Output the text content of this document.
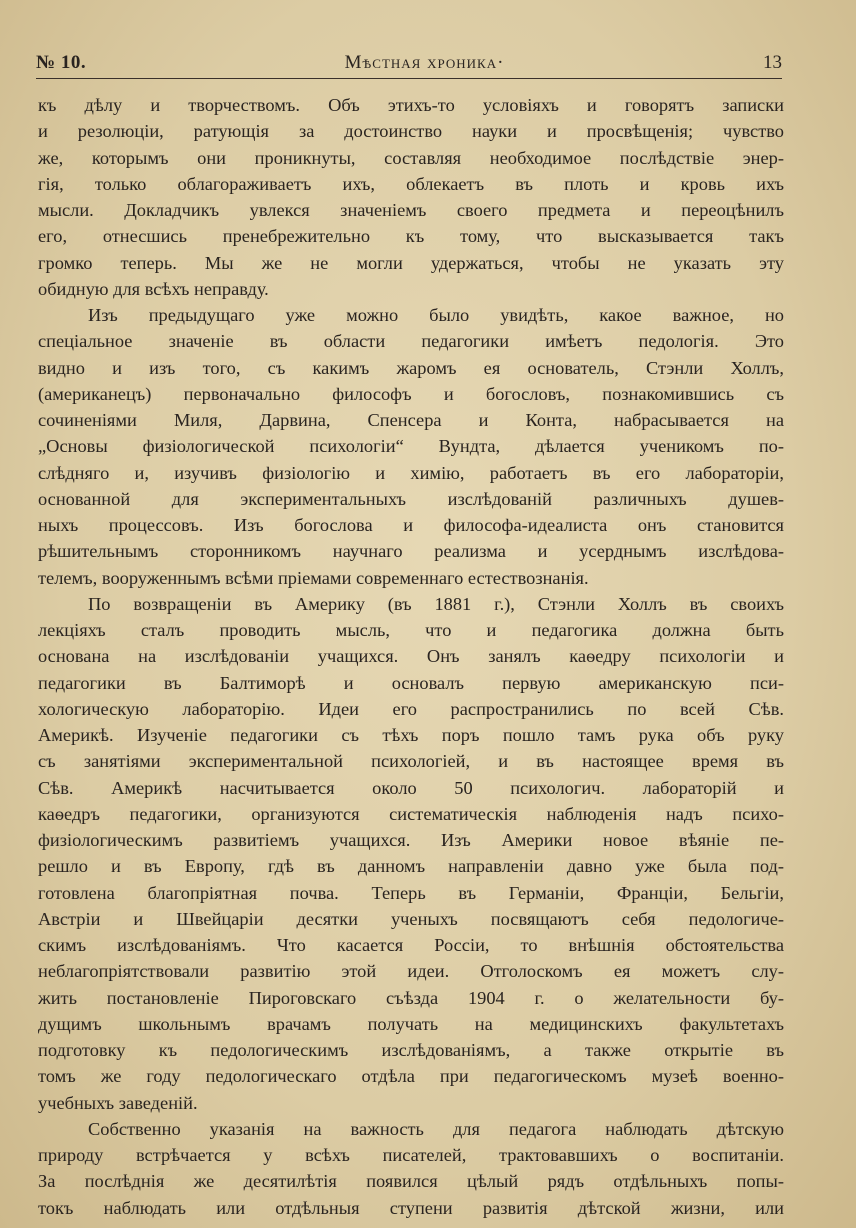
№ 10.	Мѣстная хроника·	13
къ дѣлу и творчествомъ. Объ этихъ-то условiяхъ и говорятъ записки
и резолюцiи, ратующiя за достоинство науки и просвѣщенiя; чувство
же, которымъ они проникнуты, составляя необходимое послѣдствiе энер-
гiя, только облагораживаетъ ихъ, облекаетъ въ плоть и кровь ихъ
мысли. Докладчикъ увлекся значенiемъ своего предмета и переоцѣнилъ
его, отнесшись пренебрежительно къ тому, что высказывается такъ
громко теперь. Мы же не могли удержаться, чтобы не указать эту
обидную для всѣхъ неправду.
Изъ предыдущаго уже можно было увидѣть, какое важное, но
спецiальное значенiе въ области педагогики имѣетъ педологiя. Это
видно и изъ того, съ какимъ жаромъ ея основатель, Стэнли Холлъ,
(американецъ) первоначально философъ и богословъ, познакомившись съ
сочиненiями Миля, Дарвина, Спенсера и Конта, набрасывается на
„Основы физiологической психологiи“ Вундта, дѣлается ученикомъ по-
слѣдняго и, изучивъ физiологiю и химiю, работаетъ въ его лабораторiи,
основанной для экспериментальныхъ изслѣдованiй различныхъ душев-
ныхъ процессовъ. Изъ богослова и философа-идеалиста онъ становится
рѣшительнымъ сторонникомъ научнаго реализма и усерднымъ изслѣдова-
телемъ, вооруженнымъ всѣми прiемами современнаго естествознанiя.
По возвращенiи въ Америку (въ 1881 г.), Стэнли Холлъ въ своихъ
лекцiяхъ сталъ проводить мысль, что и педагогика должна быть
основана на изслѣдованiи учащихся. Онъ занялъ каѳедру психологiи и
педагогики въ Балтиморѣ и основалъ первую американскую пси-
хологическую лабораторiю. Идеи его распространились по всей Сѣв.
Америкѣ. Изученiе педагогики съ тѣхъ поръ пошло тамъ рука объ руку
съ занятiями экспериментальной психологiей, и въ настоящее время въ
Сѣв. Америкѣ насчитывается около 50 психологич. лабораторiй и
каѳедръ педагогики, организуются систематическiя наблюденiя надъ психо-
физiологическимъ развитiемъ учащихся. Изъ Америки новое вѣянiе пе-
решло и въ Европу, гдѣ въ данномъ направленiи давно уже была под-
готовлена благопрiятная почва. Теперь въ Германiи, Францiи, Бельгiи,
Австрiи и Швейцарiи десятки ученыхъ посвящаютъ себя педологиче-
скимъ изслѣдованiямъ. Что касается Россiи, то внѣшнiя обстоятельства
неблагопрiятствовали развитiю этой идеи. Отголоскомъ ея можетъ слу-
жить постановленiе Пироговскаго съѣзда 1904 г. о желательности бу-
дущимъ школьнымъ врачамъ получать на медицинскихъ факультетахъ
подготовку къ педологическимъ изслѣдованiямъ, а также открытiе въ
томъ же году педологическаго отдѣла при педагогическомъ музеѣ военно-
учебныхъ заведенiй.
Собственно указанiя на важность для педагога наблюдать дѣтскую
природу встрѣчается у всѣхъ писателей, трактовавшихъ о воспитанiи.
За послѣднiя же десятилѣтiя появился цѣлый рядъ отдѣльныхъ попы-
токъ наблюдать или отдѣльныя ступени развитiя дѣтской жизни, или
